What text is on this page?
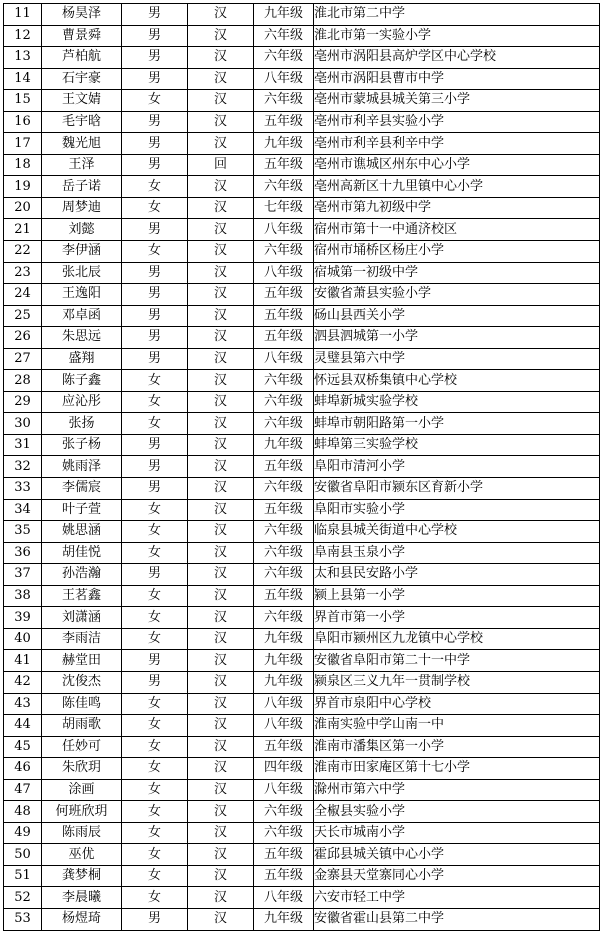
11	杨昊泽	男	汉	九年级	淮北市第二中学
12	曹景舜	男	汉	六年级	淮北市第一实验小学
13	芦柏航	男	汉	六年级	亳州市涡阳县高炉学区中心学校
14	石宇豪	男	汉	八年级	亳州市涡阳县曹市中学
15	王文婧	女	汉	六年级	亳州市蒙城县城关第三小学
16	毛宇晗	男	汉	五年级	亳州市利辛县实验小学
17	魏光旭	男	汉	九年级	亳州市利辛县利辛中学
18	王泽	男	回	五年级	亳州市谯城区州东中心小学
19	岳子诺	女	汉	六年级	亳州高新区十九里镇中心小学
20	周梦迪	女	汉	七年级	亳州市第九初级中学
21	刘懿	男	汉	八年级	宿州市第十一中通济校区
22	李伊涵	女	汉	六年级	宿州市埇桥区杨庄小学
23	张北辰	男	汉	八年级	宿城第一初级中学
24	王逸阳	男	汉	五年级	安徽省萧县实验小学
25	邓卓函	男	汉	五年级	砀山县西关小学
26	朱思远	男	汉	五年级	泗县泗城第一小学
27	盛翔	男	汉	八年级	灵璧县第六中学
28	陈子鑫	女	汉	六年级	怀远县双桥集镇中心学校
29	应沁彤	女	汉	六年级	蚌埠新城实验学校
30	张扬	女	汉	六年级	蚌埠市朝阳路第一小学
31	张子杨	男	汉	九年级	蚌埠第三实验学校
32	姚雨泽	男	汉	五年级	阜阳市清河小学
33	李儒宸	男	汉	六年级	安徽省阜阳市颍东区育新小学
34	叶子萱	女	汉	五年级	阜阳市实验小学
35	姚思涵	女	汉	六年级	临泉县城关街道中心学校
36	胡佳悦	女	汉	六年级	阜南县玉泉小学
37	孙浩瀚	男	汉	六年级	太和县民安路小学
38	王茗鑫	女	汉	五年级	颍上县第一小学
39	刘潇涵	女	汉	六年级	界首市第一小学
40	李雨洁	女	汉	九年级	阜阳市颍州区九龙镇中心学校
41	赫堂田	男	汉	九年级	安徽省阜阳市第二十一中学
42	沈俊杰	男	汉	九年级	颍泉区三义九年一贯制学校
43	陈佳鸣	女	汉	八年级	界首市泉阳中心学校
44	胡雨歌	女	汉	八年级	淮南实验中学山南一中
45	任妙可	女	汉	五年级	淮南市潘集区第一小学
46	朱欣玥	女	汉	四年级	淮南市田家庵区第十七小学
47	涂画	女	汉	八年级	滁州市第六中学
48	何班欣玥	女	汉	六年级	全椒县实验小学
49	陈雨辰	女	汉	六年级	天长市城南小学
50	巫优	女	汉	五年级	霍邱县城关镇中心小学
51	龚梦桐	女	汉	五年级	金寨县天堂寨同心小学
52	李晨曦	女	汉	八年级	六安市轻工中学
53	杨煜琦	男	汉	九年级	安徽省霍山县第二中学
